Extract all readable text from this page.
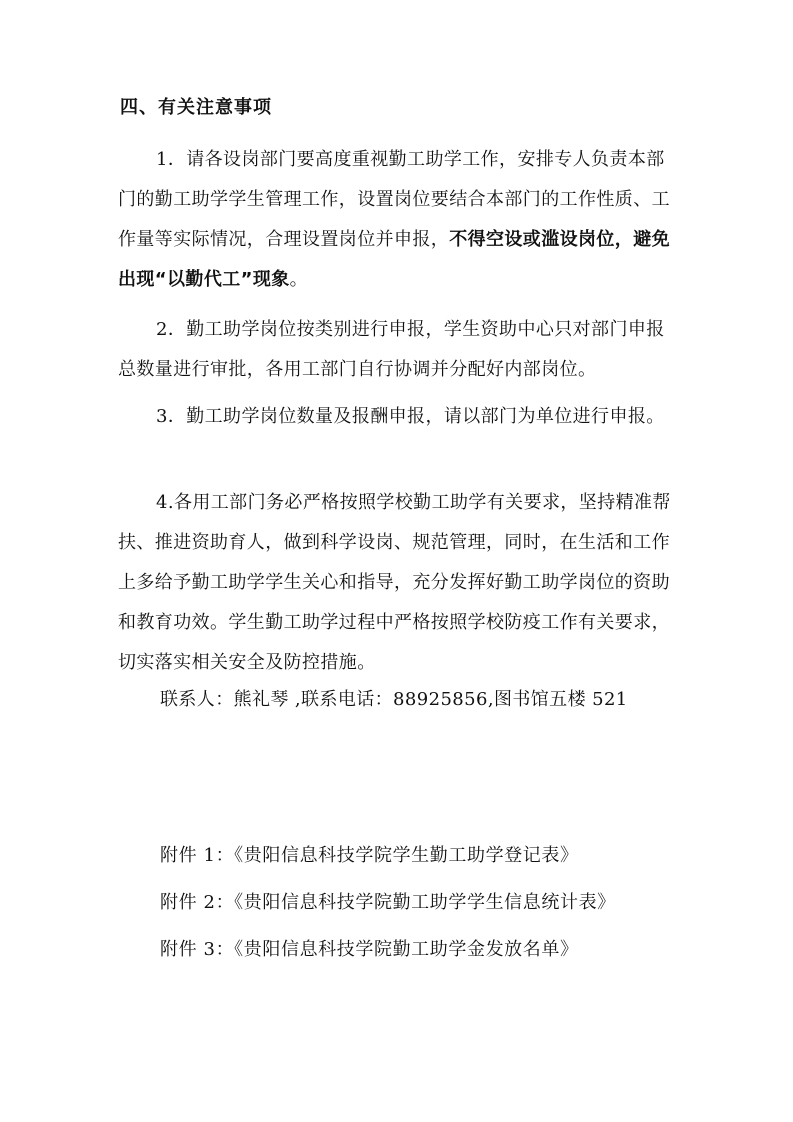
四、有关注意事项

1．请各设岗部门要高度重视勤工助学工作，安排专人负责本部门的勤工助学学生管理工作，设置岗位要结合本部门的工作性质、工作量等实际情况，合理设置岗位并申报，不得空设或滥设岗位，避免出现“以勤代工”现象。

2．勤工助学岗位按类别进行申报，学生资助中心只对部门申报总数量进行审批，各用工部门自行协调并分配好内部岗位。

3．勤工助学岗位数量及报酬申报，请以部门为单位进行申报。

4.各用工部门务必严格按照学校勤工助学有关要求，坚持精准帮扶、推进资助育人，做到科学设岗、规范管理，同时，在生活和工作上多给予勤工助学学生关心和指导，充分发挥好勤工助学岗位的资助和教育功效。学生勤工助学过程中严格按照学校防疫工作有关要求，切实落实相关安全及防控措施。

联系人：熊礼琴 ,联系电话：88925856,图书馆五楼 521
附件 1：《贵阳信息科技学院学生勤工助学登记表》
附件 2：《贵阳信息科技学院勤工助学学生信息统计表》
附件 3：《贵阳信息科技学院勤工助学金发放名单》
